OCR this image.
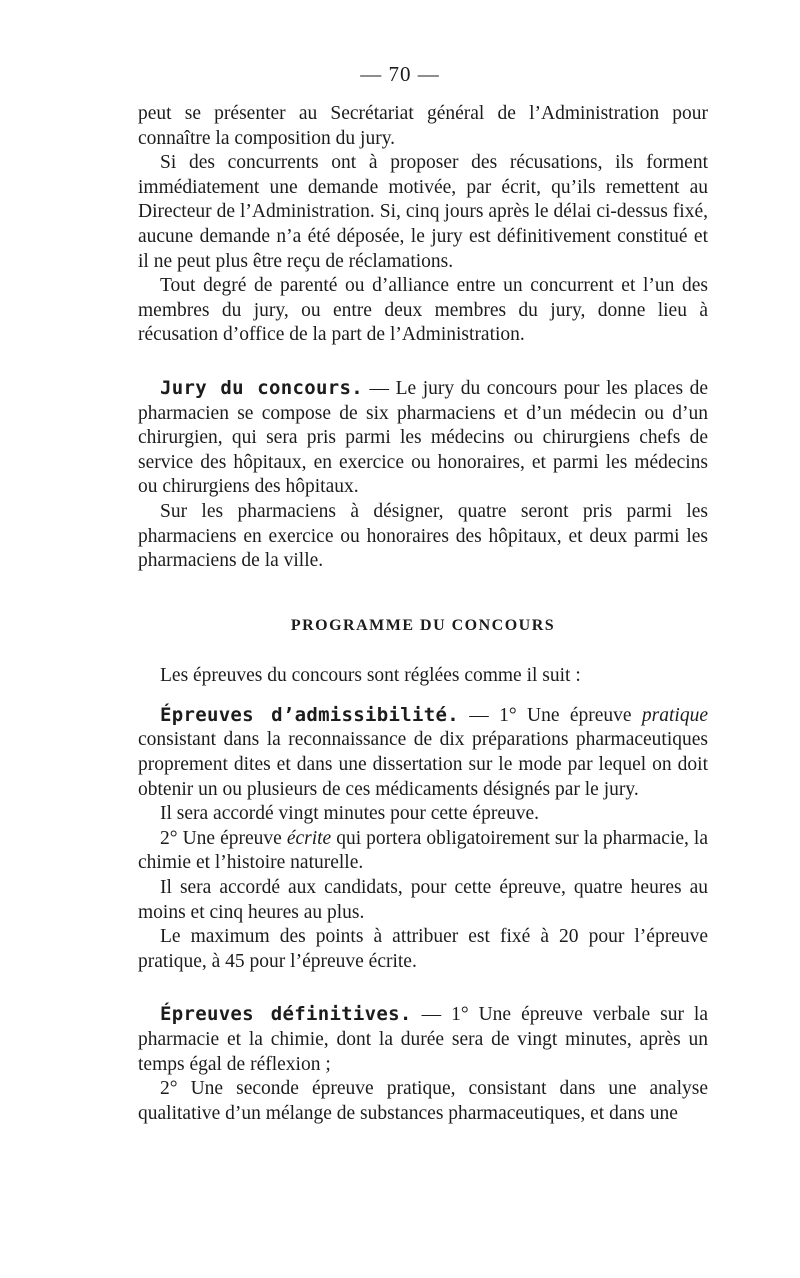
— 70 —

peut se présenter au Secrétariat général de l’Administration pour connaître la composition du jury.

Si des concurrents ont à proposer des récusations, ils forment immédiatement une demande motivée, par écrit, qu’ils remettent au Directeur de l’Administration. Si, cinq jours après le délai ci-dessus fixé, aucune demande n’a été déposée, le jury est définitivement constitué et il ne peut plus être reçu de réclamations.

Tout degré de parenté ou d’alliance entre un concurrent et l’un des membres du jury, ou entre deux membres du jury, donne lieu à récusation d’office de la part de l’Administration.

Jury du concours. — Le jury du concours pour les places de pharmacien se compose de six pharmaciens et d’un médecin ou d’un chirurgien, qui sera pris parmi les médecins ou chirurgiens chefs de service des hôpitaux, en exercice ou honoraires, et parmi les médecins ou chirurgiens des hôpitaux.

Sur les pharmaciens à désigner, quatre seront pris parmi les pharmaciens en exercice ou honoraires des hôpitaux, et deux parmi les pharmaciens de la ville.

PROGRAMME DU CONCOURS

Les épreuves du concours sont réglées comme il suit :

Épreuves d’admissibilité. — 1° Une épreuve pratique consistant dans la reconnaissance de dix préparations pharmaceutiques proprement dites et dans une dissertation sur le mode par lequel on doit obtenir un ou plusieurs de ces médicaments désignés par le jury.

Il sera accordé vingt minutes pour cette épreuve.

2° Une épreuve écrite qui portera obligatoirement sur la pharmacie, la chimie et l’histoire naturelle.

Il sera accordé aux candidats, pour cette épreuve, quatre heures au moins et cinq heures au plus.

Le maximum des points à attribuer est fixé à 20 pour l’épreuve pratique, à 45 pour l’épreuve écrite.

Épreuves définitives. — 1° Une épreuve verbale sur la pharmacie et la chimie, dont la durée sera de vingt minutes, après un temps égal de réflexion ;

2° Une seconde épreuve pratique, consistant dans une analyse qualitative d’un mélange de substances pharmaceutiques, et dans une
